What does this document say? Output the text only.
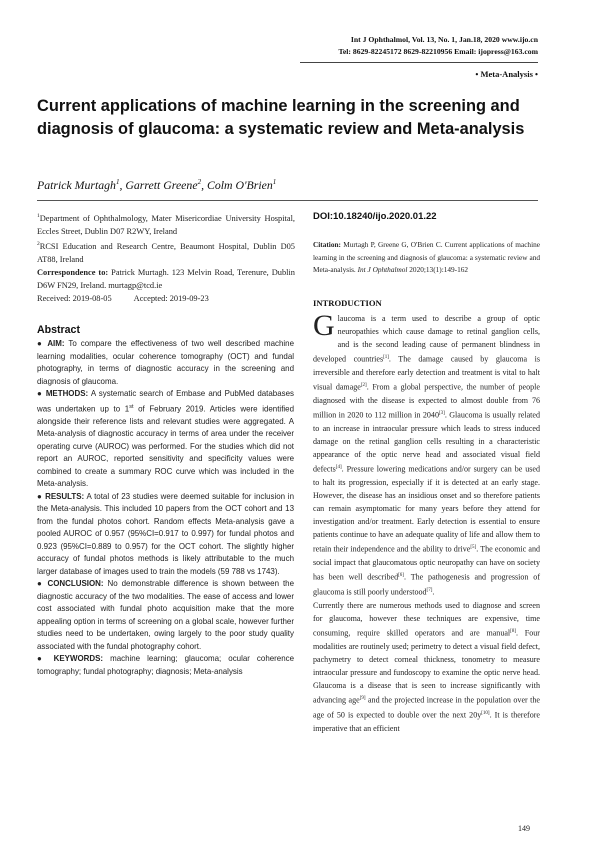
Int J Ophthalmol, Vol. 13, No. 1, Jan.18, 2020 www.ijo.cn
Tel: 8629-82245172 8629-82210956 Email: ijopress@163.com
• Meta-Analysis •
Current applications of machine learning in the screening and diagnosis of glaucoma: a systematic review and Meta-analysis
Patrick Murtagh$^1$, Garrett Greene$^2$, Colm O'Brien$^1$
$^1$Department of Ophthalmology, Mater Misericordiae University Hospital, Eccles Street, Dublin D07 R2WY, Ireland
$^2$RCSI Education and Research Centre, Beaumont Hospital, Dublin D05 AT88, Ireland
Correspondence to: Patrick Murtagh. 123 Melvin Road, Terenure, Dublin D6W FN29, Ireland. murtagp@tcd.ie
Received: 2019-08-05	Accepted: 2019-09-23
DOI:10.18240/ijo.2020.01.22
Citation: Murtagh P, Greene G, O'Brien C. Current applications of machine learning in the screening and diagnosis of glaucoma: a systematic review and Meta-analysis. Int J Ophthalmol 2020;13(1):149-162
Abstract

● AIM: To compare the effectiveness of two well described machine learning modalities, ocular coherence tomography (OCT) and fundal photography, in terms of diagnostic accuracy in the screening and diagnosis of glaucoma.

● METHODS: A systematic search of Embase and PubMed databases was undertaken up to 1st of February 2019. Articles were identified alongside their reference lists and relevant studies were aggregated. A Meta-analysis of diagnostic accuracy in terms of area under the receiver operating curve (AUROC) was performed. For the studies which did not report an AUROC, reported sensitivity and specificity values were combined to create a summary ROC curve which was included in the Meta-analysis.

● RESULTS: A total of 23 studies were deemed suitable for inclusion in the Meta-analysis. This included 10 papers from the OCT cohort and 13 from the fundal photos cohort. Random effects Meta-analysis gave a pooled AUROC of 0.957 (95%CI=0.917 to 0.997) for fundal photos and 0.923 (95%CI=0.889 to 0.957) for the OCT cohort. The slightly higher accuracy of fundal photos methods is likely attributable to the much larger database of images used to train the models (59 788 vs 1743).

● CONCLUSION: No demonstrable difference is shown between the diagnostic accuracy of the two modalities. The ease of access and lower cost associated with fundal photo acquisition make that the more appealing option in terms of screening on a global scale, however further studies need to be undertaken, owing largely to the poor study quality associated with the fundal photography cohort.

● KEYWORDS: machine learning; glaucoma; ocular coherence tomography; fundal photography; diagnosis; Meta-analysis

INTRODUCTION

Glaucoma is a term used to describe a group of optic neuropathies which cause damage to retinal ganglion cells, and is the second leading cause of permanent blindness in developed countries[1]. The damage caused by glaucoma is irreversible and therefore early detection and treatment is vital to halt visual damage[2]. From a global perspective, the number of people diagnosed with the disease is expected to almost double from 76 million in 2020 to 112 million in 2040[3]. Glaucoma is usually related to an increase in intraocular pressure which leads to stress induced damage on the retinal ganglion cells resulting in a characteristic appearance of the optic nerve head and associated visual field defects[4]. Pressure lowering medications and/or surgery can be used to halt its progression, especially if it is detected at an early stage. However, the disease has an insidious onset and so therefore patients can remain asymptomatic for many years before they attend for investigation and/or treatment. Early detection is essential to ensure patients continue to have an adequate quality of life and allow them to retain their independence and the ability to drive[5]. The economic and social impact that glaucomatous optic neuropathy can have on society has been well described[6]. The pathogenesis and progression of glaucoma is still poorly understood[7].

Currently there are numerous methods used to diagnose and screen for glaucoma, however these techniques are expensive, time consuming, require skilled operators and are manual[8]. Four modalities are routinely used; perimetry to detect a visual field defect, pachymetry to detect corneal thickness, tonometry to measure intraocular pressure and fundoscopy to examine the optic nerve head. Glaucoma is a disease that is seen to increase significantly with advancing age[9] and the projected increase in the population over the age of 50 is expected to double over the next 20y[10]. It is therefore imperative that an efficient

149
